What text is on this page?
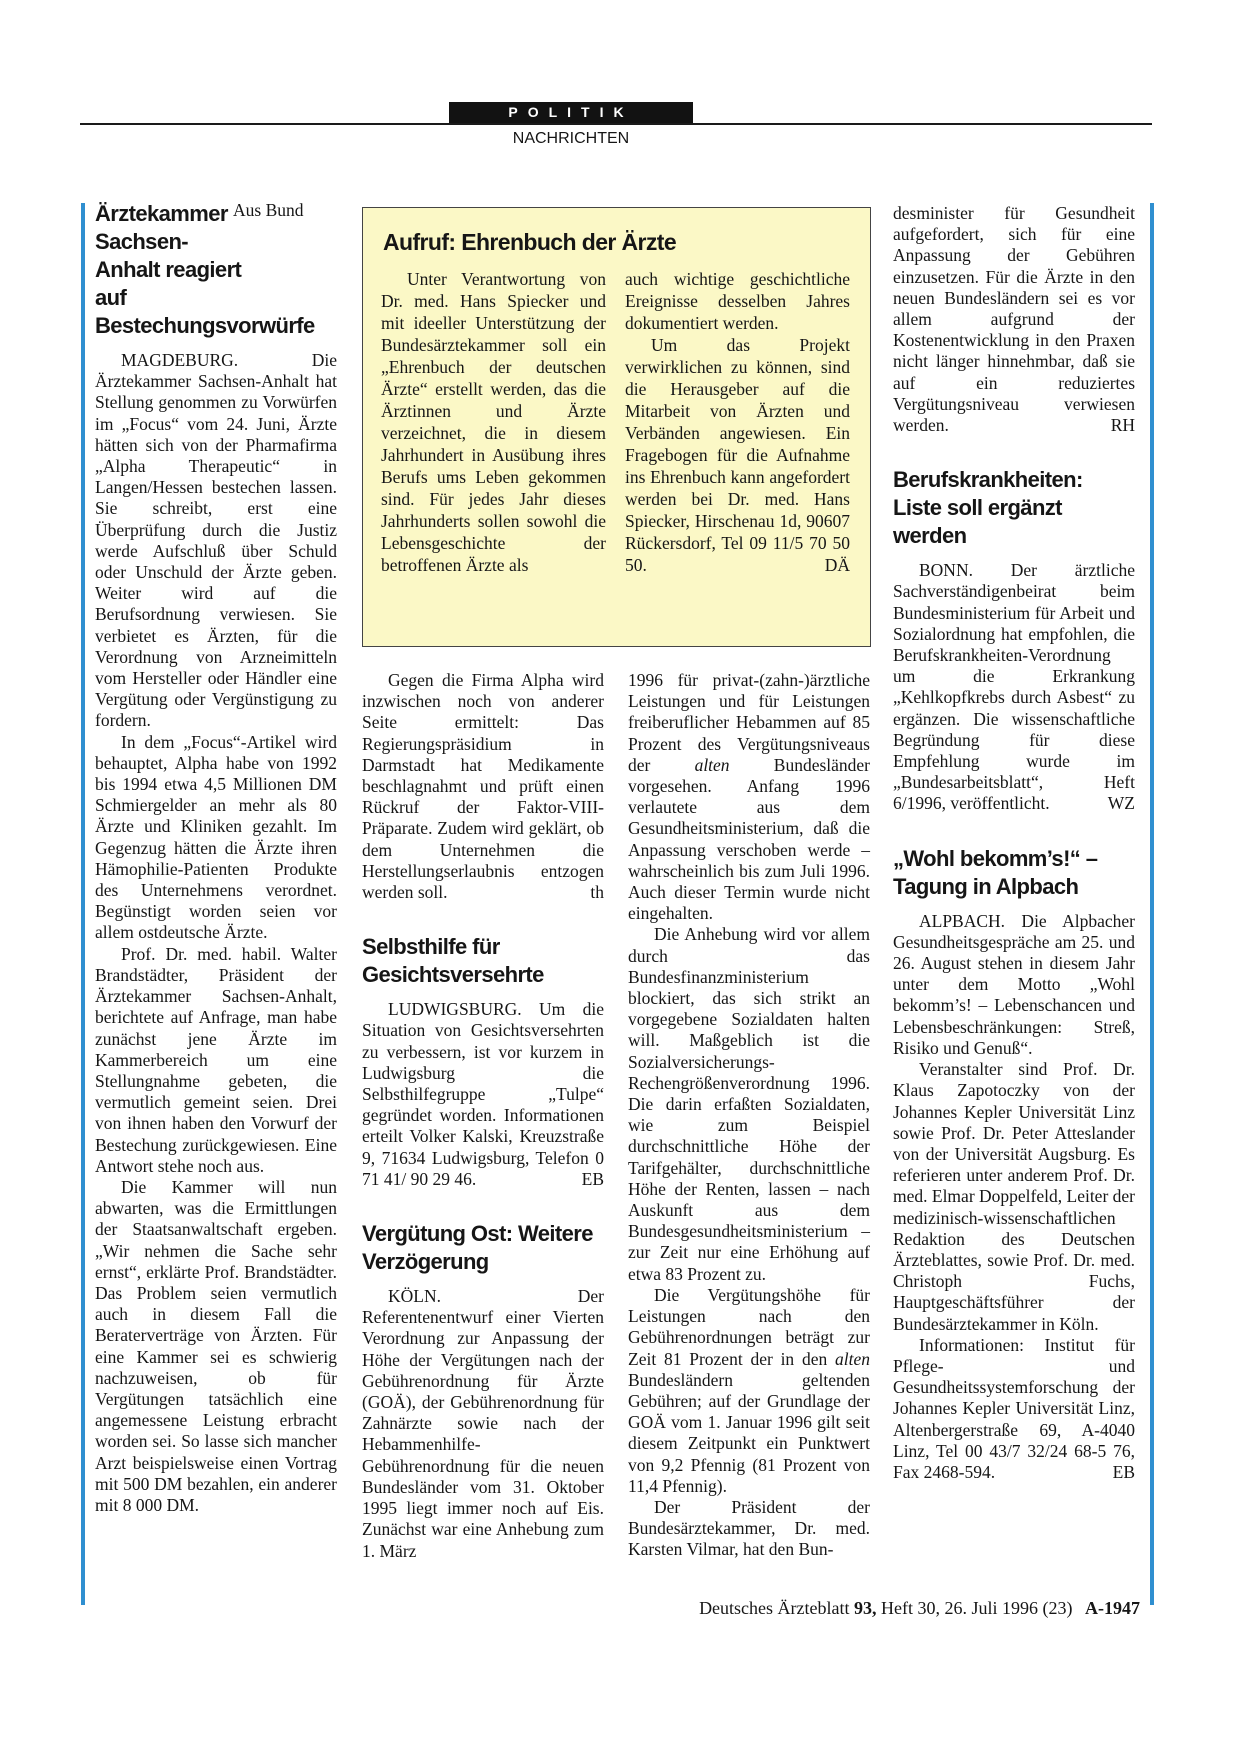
POLITIK
NACHRICHTEN
Aus Bund
Ärztekammer Sachsen-Anhalt reagiert auf Bestechungsvorwürfe

MAGDEBURG. Die Ärztekammer Sachsen-Anhalt hat Stellung genommen zu Vorwürfen im „Focus“ vom 24. Juni, Ärzte hätten sich von der Pharmafirma „Alpha Therapeutic“ in Langen/Hessen bestechen lassen. Sie schreibt, erst eine Überprüfung durch die Justiz werde Aufschluß über Schuld oder Unschuld der Ärzte geben. Weiter wird auf die Berufsordnung verwiesen. Sie verbietet es Ärzten, für die Verordnung von Arzneimitteln vom Hersteller oder Händler eine Vergütung oder Vergünstigung zu fordern.

In dem „Focus“-Artikel wird behauptet, Alpha habe von 1992 bis 1994 etwa 4,5 Millionen DM Schmiergelder an mehr als 80 Ärzte und Kliniken gezahlt. Im Gegenzug hätten die Ärzte ihren Hämophilie-Patienten Produkte des Unternehmens verordnet. Begünstigt worden seien vor allem ostdeutsche Ärzte.

Prof. Dr. med. habil. Walter Brandstädter, Präsident der Ärztekammer Sachsen-Anhalt, berichtete auf Anfrage, man habe zunächst jene Ärzte im Kammerbereich um eine Stellungnahme gebeten, die vermutlich gemeint seien. Drei von ihnen haben den Vorwurf der Bestechung zurückgewiesen. Eine Antwort stehe noch aus.

Die Kammer will nun abwarten, was die Ermittlungen der Staatsanwaltschaft ergeben. „Wir nehmen die Sache sehr ernst“, erklärte Prof. Brandstädter. Das Problem seien vermutlich auch in diesem Fall die Beraterverträge von Ärzten. Für eine Kammer sei es schwierig nachzuweisen, ob für Vergütungen tatsächlich eine angemessene Leistung erbracht worden sei. So lasse sich mancher Arzt beispielsweise einen Vortrag mit 500 DM bezahlen, ein anderer mit 8 000 DM.

Aufruf: Ehrenbuch der Ärzte

Unter Verantwortung von Dr. med. Hans Spiecker und mit ideeller Unterstützung der Bundesärztekammer soll ein „Ehrenbuch der deutschen Ärzte“ erstellt werden, das die Ärztinnen und Ärzte verzeichnet, die in diesem Jahrhundert in Ausübung ihres Berufs ums Leben gekommen sind. Für jedes Jahr dieses Jahrhunderts sollen sowohl die Lebensgeschichte der betroffenen Ärzte als

auch wichtige geschichtliche Ereignisse desselben Jahres dokumentiert werden.

Um das Projekt verwirklichen zu können, sind die Herausgeber auf die Mitarbeit von Ärzten und Verbänden angewiesen. Ein Fragebogen für die Aufnahme ins Ehrenbuch kann angefordert werden bei Dr. med. Hans Spiecker, Hirschenau 1d, 90607 Rückersdorf, Tel 09 11/5 70 50 50.	DÄ

Gegen die Firma Alpha wird inzwischen noch von anderer Seite ermittelt: Das Regierungspräsidium in Darmstadt hat Medikamente beschlagnahmt und prüft einen Rückruf der Faktor-VIII-Präparate. Zudem wird geklärt, ob dem Unternehmen die Herstellungserlaubnis entzogen werden soll.	th

Selbsthilfe für Gesichtsversehrte

LUDWIGSBURG. Um die Situation von Gesichtsversehrten zu verbessern, ist vor kurzem in Ludwigsburg die Selbsthilfegruppe „Tulpe“ gegründet worden. Informationen erteilt Volker Kalski, Kreuzstraße 9, 71634 Ludwigsburg, Telefon 0 71 41/ 90 29 46.	EB

Vergütung Ost: Weitere Verzögerung

KÖLN. Der Referentenentwurf einer Vierten Verordnung zur Anpassung der Höhe der Vergütungen nach der Gebührenordnung für Ärzte (GOÄ), der Gebührenordnung für Zahnärzte sowie nach der Hebammenhilfe-Gebührenordnung für die neuen Bundesländer vom 31. Oktober 1995 liegt immer noch auf Eis. Zunächst war eine Anhebung zum 1. März

1996 für privat-(zahn-)ärztliche Leistungen und für Leistungen freiberuflicher Hebammen auf 85 Prozent des Vergütungsniveaus der alten Bundesländer vorgesehen. Anfang 1996 verlautete aus dem Gesundheitsministerium, daß die Anpassung verschoben werde – wahrscheinlich bis zum Juli 1996. Auch dieser Termin wurde nicht eingehalten.

Die Anhebung wird vor allem durch das Bundesfinanzministerium blockiert, das sich strikt an vorgegebene Sozialdaten halten will. Maßgeblich ist die Sozialversicherungs-Rechengrößenverordnung 1996. Die darin erfaßten Sozialdaten, wie zum Beispiel durchschnittliche Höhe der Tarifgehälter, durchschnittliche Höhe der Renten, lassen – nach Auskunft aus dem Bundesgesundheitsministerium – zur Zeit nur eine Erhöhung auf etwa 83 Prozent zu.

Die Vergütungshöhe für Leistungen nach den Gebührenordnungen beträgt zur Zeit 81 Prozent der in den alten Bundesländern geltenden Gebühren; auf der Grundlage der GOÄ vom 1. Januar 1996 gilt seit diesem Zeitpunkt ein Punktwert von 9,2 Pfennig (81 Prozent von 11,4 Pfennig).

Der Präsident der Bundesärztekammer, Dr. med. Karsten Vilmar, hat den Bun-

desminister für Gesundheit aufgefordert, sich für eine Anpassung der Gebühren einzusetzen. Für die Ärzte in den neuen Bundesländern sei es vor allem aufgrund der Kostenentwicklung in den Praxen nicht länger hinnehmbar, daß sie auf ein reduziertes Vergütungsniveau verwiesen werden.	RH

Berufskrankheiten: Liste soll ergänzt werden

BONN. Der ärztliche Sachverständigenbeirat beim Bundesministerium für Arbeit und Sozialordnung hat empfohlen, die Berufskrankheiten-Verordnung um die Erkrankung „Kehlkopfkrebs durch Asbest“ zu ergänzen. Die wissenschaftliche Begründung für diese Empfehlung wurde im „Bundesarbeitsblatt“, Heft 6/1996, veröffentlicht.	WZ

„Wohl bekomm’s!“ – Tagung in Alpbach

ALPBACH. Die Alpbacher Gesundheitsgespräche am 25. und 26. August stehen in diesem Jahr unter dem Motto „Wohl bekomm’s! – Lebenschancen und Lebensbeschränkungen: Streß, Risiko und Genuß“.

Veranstalter sind Prof. Dr. Klaus Zapotoczky von der Johannes Kepler Universität Linz sowie Prof. Dr. Peter Atteslander von der Universität Augsburg. Es referieren unter anderem Prof. Dr. med. Elmar Doppelfeld, Leiter der medizinisch-wissenschaftlichen Redaktion des Deutschen Ärzteblattes, sowie Prof. Dr. med. Christoph Fuchs, Hauptgeschäftsführer der Bundesärztekammer in Köln.

Informationen: Institut für Pflege- und Gesundheitssystemforschung der Johannes Kepler Universität Linz, Altenbergerstraße 69, A-4040 Linz, Tel 00 43/7 32/24 68-5 76, Fax 2468-594.	EB

Deutsches Ärzteblatt 93, Heft 30, 26. Juli 1996 (23) A-1947
